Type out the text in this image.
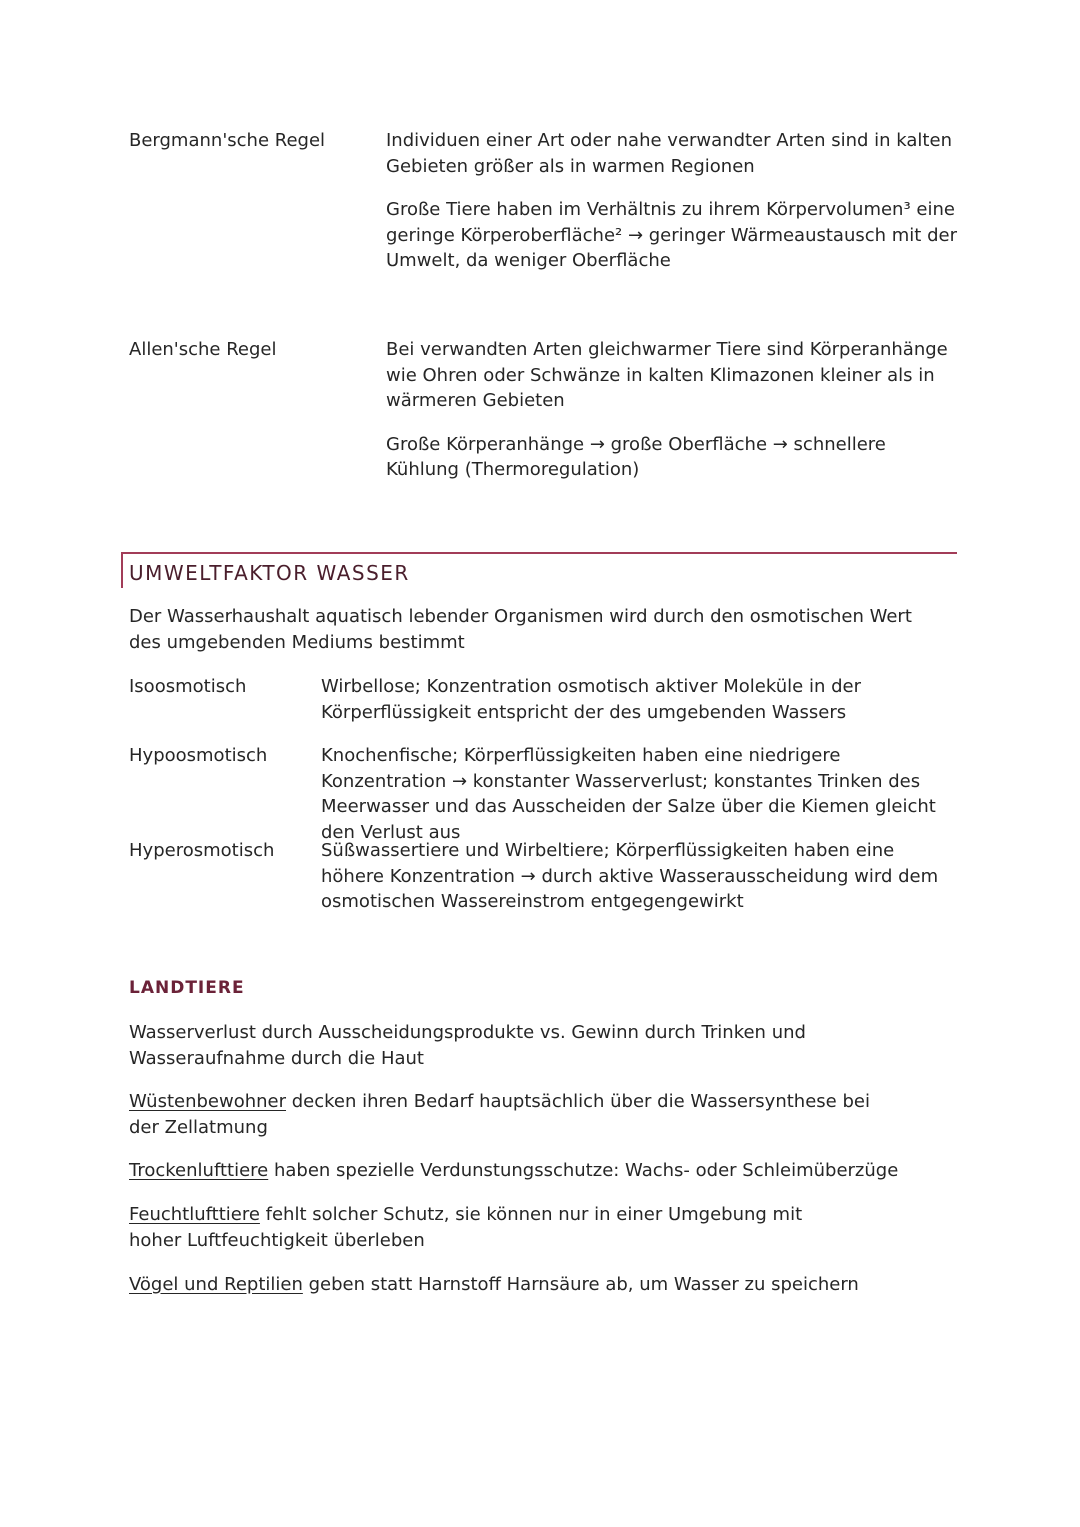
Bergmann'sche Regel	Individuen einer Art oder nahe verwandter Arten sind in kalten Gebieten größer als in warmen Regionen

Große Tiere haben im Verhältnis zu ihrem Körpervolumen³ eine geringe Körperoberfläche² → geringer Wärmeaustausch mit der Umwelt, da weniger Oberfläche

Allen'sche Regel	Bei verwandten Arten gleichwarmer Tiere sind Körperanhänge wie Ohren oder Schwänze in kalten Klimazonen kleiner als in wärmeren Gebieten

Große Körperanhänge → große Oberfläche → schnellere Kühlung (Thermoregulation)

UMWELTFAKTOR WASSER

Der Wasserhaushalt aquatisch lebender Organismen wird durch den osmotischen Wert des umgebenden Mediums bestimmt

Isoosmotisch	Wirbellose; Konzentration osmotisch aktiver Moleküle in der Körperflüssigkeit entspricht der des umgebenden Wassers
Hypoosmotisch	Knochenfische; Körperflüssigkeiten haben eine niedrigere Konzentration → konstanter Wasserverlust; konstantes Trinken des Meerwasser und das Ausscheiden der Salze über die Kiemen gleicht den Verlust aus
Hyperosmotisch	Süßwassertiere und Wirbeltiere; Körperflüssigkeiten haben eine höhere Konzentration → durch aktive Wasserausscheidung wird dem osmotischen Wassereinstrom entgegengewirkt
LANDTIERE

Wasserverlust durch Ausscheidungsprodukte vs. Gewinn durch Trinken und Wasseraufnahme durch die Haut

Wüstenbewohner decken ihren Bedarf hauptsächlich über die Wassersynthese bei der Zellatmung

Trockenlufttiere haben spezielle Verdunstungsschutze: Wachs- oder Schleimüberzüge

Feuchtlufttiere fehlt solcher Schutz, sie können nur in einer Umgebung mit hoher Luftfeuchtigkeit überleben

Vögel und Reptilien geben statt Harnstoff Harnsäure ab, um Wasser zu speichern
